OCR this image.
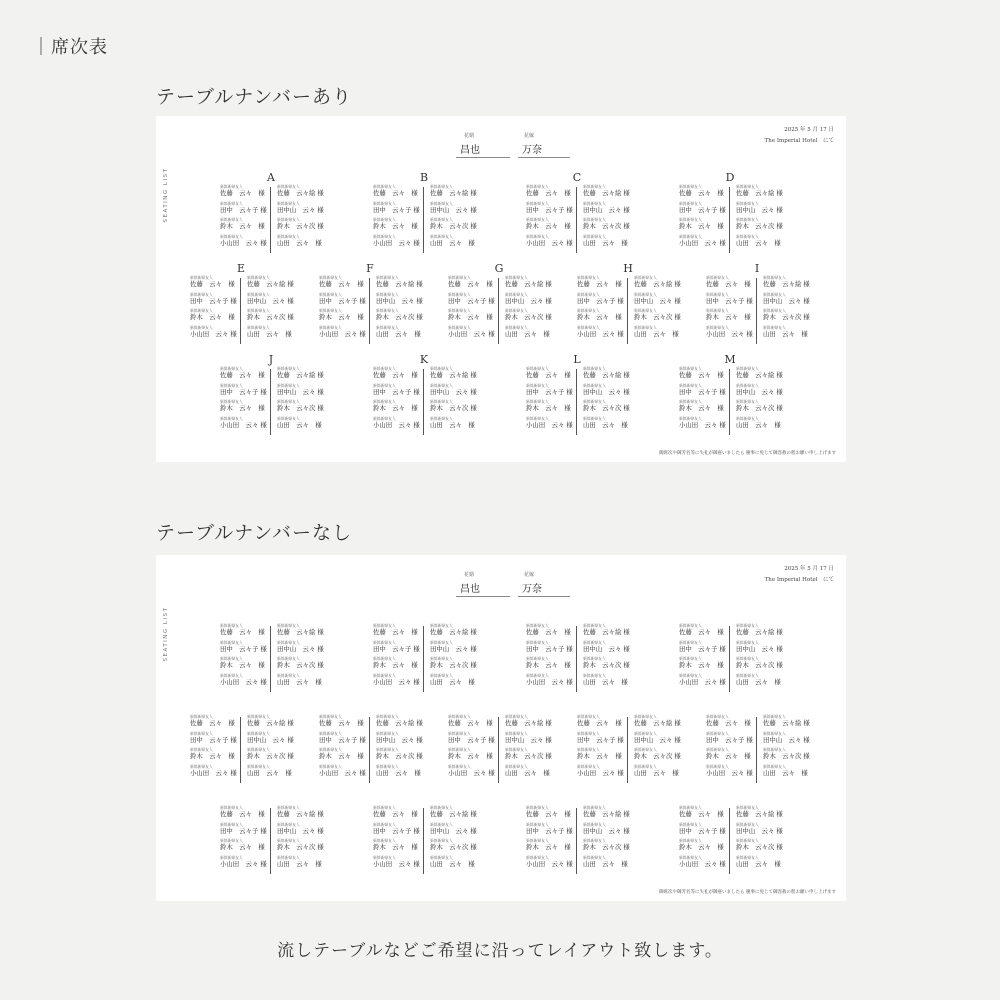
｜席次表
テーブルナンバーあり
SEATING LIST
花婿
昌也
花嫁
万奈
2025 年 5 月 17 日
The Imperial Hotel　にて
御席次や御芳名等に失礼が御座いましたら 慶事に免じて御容赦の程お願い申し上げます
A
新郎新婦友人
佐藤　云々　様
新郎新婦友人
田中　云々子 様
新郎新婦友人
鈴木　云々　様
新郎新婦友人
小山田　云々 様
新郎新婦友人
佐藤　云々絵 様
新郎新婦友人
田中山　云々 様
新郎新婦友人
鈴木　云々次 様
新郎新婦友人
山田　云々　様
B
新郎新婦友人
佐藤　云々　様
新郎新婦友人
田中　云々子 様
新郎新婦友人
鈴木　云々　様
新郎新婦友人
小山田　云々 様
新郎新婦友人
佐藤　云々絵 様
新郎新婦友人
田中山　云々 様
新郎新婦友人
鈴木　云々次 様
新郎新婦友人
山田　云々　様
C
新郎新婦友人
佐藤　云々　様
新郎新婦友人
田中　云々子 様
新郎新婦友人
鈴木　云々　様
新郎新婦友人
小山田　云々 様
新郎新婦友人
佐藤　云々絵 様
新郎新婦友人
田中山　云々 様
新郎新婦友人
鈴木　云々次 様
新郎新婦友人
山田　云々　様
D
新郎新婦友人
佐藤　云々　様
新郎新婦友人
田中　云々子 様
新郎新婦友人
鈴木　云々　様
新郎新婦友人
小山田　云々 様
新郎新婦友人
佐藤　云々絵 様
新郎新婦友人
田中山　云々 様
新郎新婦友人
鈴木　云々次 様
新郎新婦友人
山田　云々　様
E
新郎新婦友人
佐藤　云々　様
新郎新婦友人
田中　云々子 様
新郎新婦友人
鈴木　云々　様
新郎新婦友人
小山田　云々 様
新郎新婦友人
佐藤　云々絵 様
新郎新婦友人
田中山　云々 様
新郎新婦友人
鈴木　云々次 様
新郎新婦友人
山田　云々　様
F
新郎新婦友人
佐藤　云々　様
新郎新婦友人
田中　云々子 様
新郎新婦友人
鈴木　云々　様
新郎新婦友人
小山田　云々 様
新郎新婦友人
佐藤　云々絵 様
新郎新婦友人
田中山　云々 様
新郎新婦友人
鈴木　云々次 様
新郎新婦友人
山田　云々　様
G
新郎新婦友人
佐藤　云々　様
新郎新婦友人
田中　云々子 様
新郎新婦友人
鈴木　云々　様
新郎新婦友人
小山田　云々 様
新郎新婦友人
佐藤　云々絵 様
新郎新婦友人
田中山　云々 様
新郎新婦友人
鈴木　云々次 様
新郎新婦友人
山田　云々　様
H
新郎新婦友人
佐藤　云々　様
新郎新婦友人
田中　云々子 様
新郎新婦友人
鈴木　云々　様
新郎新婦友人
小山田　云々 様
新郎新婦友人
佐藤　云々絵 様
新郎新婦友人
田中山　云々 様
新郎新婦友人
鈴木　云々次 様
新郎新婦友人
山田　云々　様
I
新郎新婦友人
佐藤　云々　様
新郎新婦友人
田中　云々子 様
新郎新婦友人
鈴木　云々　様
新郎新婦友人
小山田　云々 様
新郎新婦友人
佐藤　云々絵 様
新郎新婦友人
田中山　云々 様
新郎新婦友人
鈴木　云々次 様
新郎新婦友人
山田　云々　様
J
新郎新婦友人
佐藤　云々　様
新郎新婦友人
田中　云々子 様
新郎新婦友人
鈴木　云々　様
新郎新婦友人
小山田　云々 様
新郎新婦友人
佐藤　云々絵 様
新郎新婦友人
田中山　云々 様
新郎新婦友人
鈴木　云々次 様
新郎新婦友人
山田　云々　様
K
新郎新婦友人
佐藤　云々　様
新郎新婦友人
田中　云々子 様
新郎新婦友人
鈴木　云々　様
新郎新婦友人
小山田　云々 様
新郎新婦友人
佐藤　云々絵 様
新郎新婦友人
田中山　云々 様
新郎新婦友人
鈴木　云々次 様
新郎新婦友人
山田　云々　様
L
新郎新婦友人
佐藤　云々　様
新郎新婦友人
田中　云々子 様
新郎新婦友人
鈴木　云々　様
新郎新婦友人
小山田　云々 様
新郎新婦友人
佐藤　云々絵 様
新郎新婦友人
田中山　云々 様
新郎新婦友人
鈴木　云々次 様
新郎新婦友人
山田　云々　様
M
新郎新婦友人
佐藤　云々　様
新郎新婦友人
田中　云々子 様
新郎新婦友人
鈴木　云々　様
新郎新婦友人
小山田　云々 様
新郎新婦友人
佐藤　云々絵 様
新郎新婦友人
田中山　云々 様
新郎新婦友人
鈴木　云々次 様
新郎新婦友人
山田　云々　様
テーブルナンバーなし
SEATING LIST
花婿
昌也
花嫁
万奈
2025 年 5 月 17 日
The Imperial Hotel　にて
御席次や御芳名等に失礼が御座いましたら 慶事に免じて御容赦の程お願い申し上げます
新郎新婦友人
佐藤　云々　様
新郎新婦友人
田中　云々子 様
新郎新婦友人
鈴木　云々　様
新郎新婦友人
小山田　云々 様
新郎新婦友人
佐藤　云々絵 様
新郎新婦友人
田中山　云々 様
新郎新婦友人
鈴木　云々次 様
新郎新婦友人
山田　云々　様
新郎新婦友人
佐藤　云々　様
新郎新婦友人
田中　云々子 様
新郎新婦友人
鈴木　云々　様
新郎新婦友人
小山田　云々 様
新郎新婦友人
佐藤　云々絵 様
新郎新婦友人
田中山　云々 様
新郎新婦友人
鈴木　云々次 様
新郎新婦友人
山田　云々　様
新郎新婦友人
佐藤　云々　様
新郎新婦友人
田中　云々子 様
新郎新婦友人
鈴木　云々　様
新郎新婦友人
小山田　云々 様
新郎新婦友人
佐藤　云々絵 様
新郎新婦友人
田中山　云々 様
新郎新婦友人
鈴木　云々次 様
新郎新婦友人
山田　云々　様
新郎新婦友人
佐藤　云々　様
新郎新婦友人
田中　云々子 様
新郎新婦友人
鈴木　云々　様
新郎新婦友人
小山田　云々 様
新郎新婦友人
佐藤　云々絵 様
新郎新婦友人
田中山　云々 様
新郎新婦友人
鈴木　云々次 様
新郎新婦友人
山田　云々　様
新郎新婦友人
佐藤　云々　様
新郎新婦友人
田中　云々子 様
新郎新婦友人
鈴木　云々　様
新郎新婦友人
小山田　云々 様
新郎新婦友人
佐藤　云々絵 様
新郎新婦友人
田中山　云々 様
新郎新婦友人
鈴木　云々次 様
新郎新婦友人
山田　云々　様
新郎新婦友人
佐藤　云々　様
新郎新婦友人
田中　云々子 様
新郎新婦友人
鈴木　云々　様
新郎新婦友人
小山田　云々 様
新郎新婦友人
佐藤　云々絵 様
新郎新婦友人
田中山　云々 様
新郎新婦友人
鈴木　云々次 様
新郎新婦友人
山田　云々　様
新郎新婦友人
佐藤　云々　様
新郎新婦友人
田中　云々子 様
新郎新婦友人
鈴木　云々　様
新郎新婦友人
小山田　云々 様
新郎新婦友人
佐藤　云々絵 様
新郎新婦友人
田中山　云々 様
新郎新婦友人
鈴木　云々次 様
新郎新婦友人
山田　云々　様
新郎新婦友人
佐藤　云々　様
新郎新婦友人
田中　云々子 様
新郎新婦友人
鈴木　云々　様
新郎新婦友人
小山田　云々 様
新郎新婦友人
佐藤　云々絵 様
新郎新婦友人
田中山　云々 様
新郎新婦友人
鈴木　云々次 様
新郎新婦友人
山田　云々　様
新郎新婦友人
佐藤　云々　様
新郎新婦友人
田中　云々子 様
新郎新婦友人
鈴木　云々　様
新郎新婦友人
小山田　云々 様
新郎新婦友人
佐藤　云々絵 様
新郎新婦友人
田中山　云々 様
新郎新婦友人
鈴木　云々次 様
新郎新婦友人
山田　云々　様
新郎新婦友人
佐藤　云々　様
新郎新婦友人
田中　云々子 様
新郎新婦友人
鈴木　云々　様
新郎新婦友人
小山田　云々 様
新郎新婦友人
佐藤　云々絵 様
新郎新婦友人
田中山　云々 様
新郎新婦友人
鈴木　云々次 様
新郎新婦友人
山田　云々　様
新郎新婦友人
佐藤　云々　様
新郎新婦友人
田中　云々子 様
新郎新婦友人
鈴木　云々　様
新郎新婦友人
小山田　云々 様
新郎新婦友人
佐藤　云々絵 様
新郎新婦友人
田中山　云々 様
新郎新婦友人
鈴木　云々次 様
新郎新婦友人
山田　云々　様
新郎新婦友人
佐藤　云々　様
新郎新婦友人
田中　云々子 様
新郎新婦友人
鈴木　云々　様
新郎新婦友人
小山田　云々 様
新郎新婦友人
佐藤　云々絵 様
新郎新婦友人
田中山　云々 様
新郎新婦友人
鈴木　云々次 様
新郎新婦友人
山田　云々　様
新郎新婦友人
佐藤　云々　様
新郎新婦友人
田中　云々子 様
新郎新婦友人
鈴木　云々　様
新郎新婦友人
小山田　云々 様
新郎新婦友人
佐藤　云々絵 様
新郎新婦友人
田中山　云々 様
新郎新婦友人
鈴木　云々次 様
新郎新婦友人
山田　云々　様
流しテーブルなどご希望に沿ってレイアウト致します。
